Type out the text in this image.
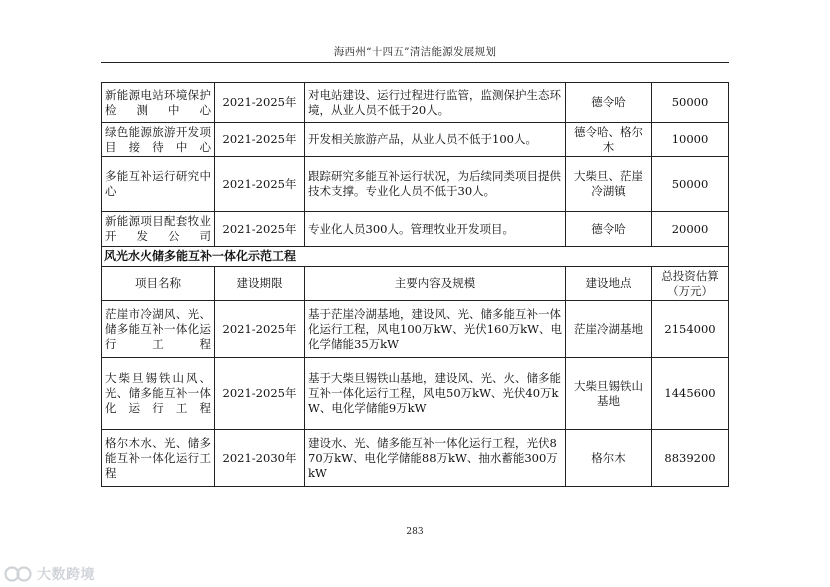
海西州“十四五”清洁能源发展规划
新能源电站环境保护检测中心	2021-2025年	对电站建设、运行过程进行监管，监测保护生态环境，从业人员不低于20人。	德令哈	50000
绿色能源旅游开发项目接待中心	2021-2025年	开发相关旅游产品，从业人员不低于100人。	德令哈、格尔木	10000
多能互补运行研究中心	2021-2025年	跟踪研究多能互补运行状况，为后续同类项目提供技术支撑。专业化人员不低于30人。	大柴旦、茫崖冷湖镇	50000
新能源项目配套牧业开发公司	2021-2025年	专业化人员300人。管理牧业开发项目。	德令哈	20000
风光水火储多能互补一体化示范工程				
项目名称	建设期限	主要内容及规模	建设地点	总投资估算（万元）
茫崖市冷湖风、光、储多能互补一体化运行工程	2021-2025年	基于茫崖冷湖基地，建设风、光、储多能互补一体化运行工程，风电100万kW、光伏160万kW、电化学储能35万kW	茫崖冷湖基地	2154000
大柴旦锡铁山风、光、储多能互补一体化运行工程	2021-2025年	基于大柴旦锡铁山基地，建设风、光、火、储多能互补一体化运行工程，风电50万kW、光伏40万kW、电化学储能9万kW	大柴旦锡铁山基地	1445600
格尔木水、光、储多能互补一体化运行工程	2021-2030年	建设水、光、储多能互补一体化运行工程，光伏870万kW、电化学储能88万kW、抽水蓄能300万kW	格尔木	8839200
283
大数跨境
